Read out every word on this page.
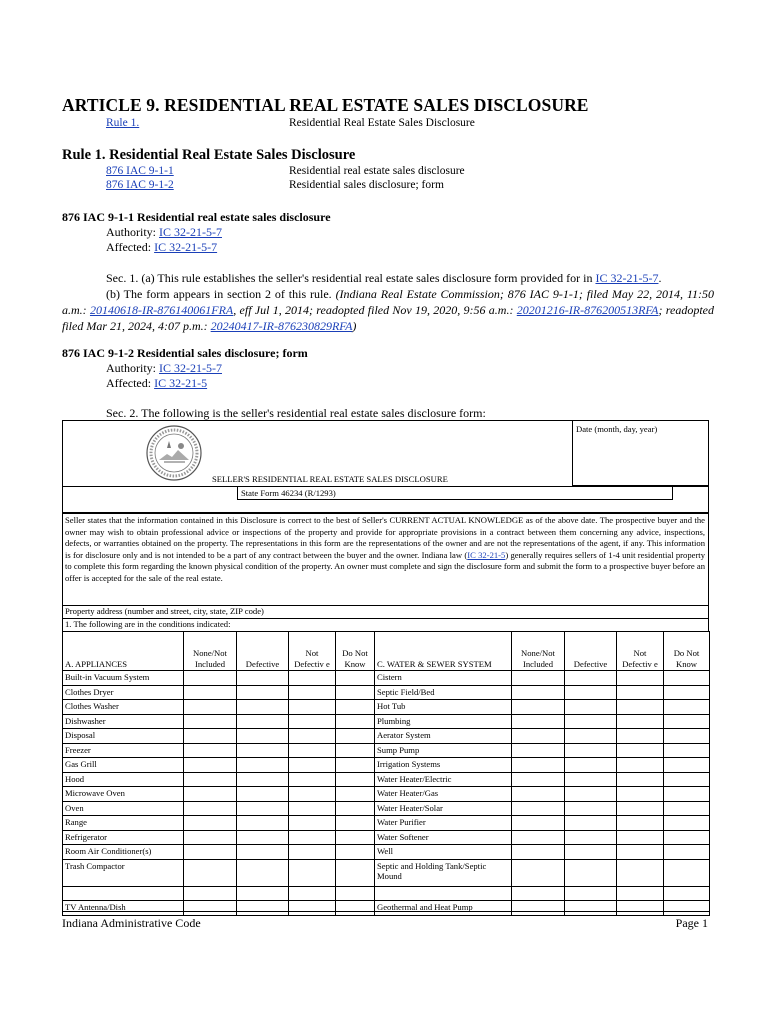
ARTICLE 9. RESIDENTIAL REAL ESTATE SALES DISCLOSURE
Rule 1.	Residential Real Estate Sales Disclosure
Rule 1. Residential Real Estate Sales Disclosure
876 IAC 9-1-1	Residential real estate sales disclosure
876 IAC 9-1-2	Residential sales disclosure; form
876 IAC 9-1-1 Residential real estate sales disclosure
Authority: IC 32-21-5-7
Affected: IC 32-21-5-7
Sec. 1. (a) This rule establishes the seller's residential real estate sales disclosure form provided for in IC 32-21-5-7.
(b) The form appears in section 2 of this rule. (Indiana Real Estate Commission; 876 IAC 9-1-1; filed May 22, 2014, 11:50 a.m.: 20140618-IR-876140061FRA, eff Jul 1, 2014; readopted filed Nov 19, 2020, 9:56 a.m.: 20201216-IR-876200513RFA; readopted filed Mar 21, 2024, 4:07 p.m.: 20240417-IR-876230829RFA)
876 IAC 9-1-2 Residential sales disclosure; form
Authority: IC 32-21-5-7
Affected: IC 32-21-5
Sec. 2. The following is the seller's residential real estate sales disclosure form:
Date (month, day, year)
SELLER'S RESIDENTIAL REAL ESTATE SALES DISCLOSURE
State Form 46234 (R/1293)
Seller states that the information contained in this Disclosure is correct to the best of Seller's CURRENT ACTUAL KNOWLEDGE as of the above date. The prospective buyer and the owner may wish to obtain professional advice or inspections of the property and provide for appropriate provisions in a contract between them concerning any advice, inspections, defects, or warranties obtained on the property. The representations in this form are the representations of the owner and are not the representations of the agent, if any. This information is for disclosure only and is not intended to be a part of any contract between the buyer and the owner. Indiana law (IC 32-21-5) generally requires sellers of 1-4 unit residential property to complete this form regarding the known physical condition of the property. An owner must complete and sign the disclosure form and submit the form to a prospective buyer before an offer is accepted for the sale of the real estate.
Property address (number and street, city, state, ZIP code)
1. The following are in the conditions indicated:
A. APPLIANCES	None/Not Included	Defective	Not Defectiv e	Do Not Know	C. WATER & SEWER SYSTEM	None/Not Included	Defective	Not Defectiv e	Do Not Know
Built-in Vacuum System					Cistern				
Clothes Dryer					Septic Field/Bed				
Clothes Washer					Hot Tub				
Dishwasher					Plumbing				
Disposal					Aerator System				
Freezer					Sump Pump				
Gas Grill					Irrigation Systems				
Hood					Water Heater/Electric				
Microwave Oven					Water Heater/Gas				
Oven					Water Heater/Solar				
Range					Water Purifier				
Refrigerator					Water Softener				
Room Air Conditioner(s)					Well				
Trash Compactor					Septic and Holding Tank/Septic Mound				

TV Antenna/Dish					Geothermal and Heat Pump				
Indiana Administrative Code	Page 1
